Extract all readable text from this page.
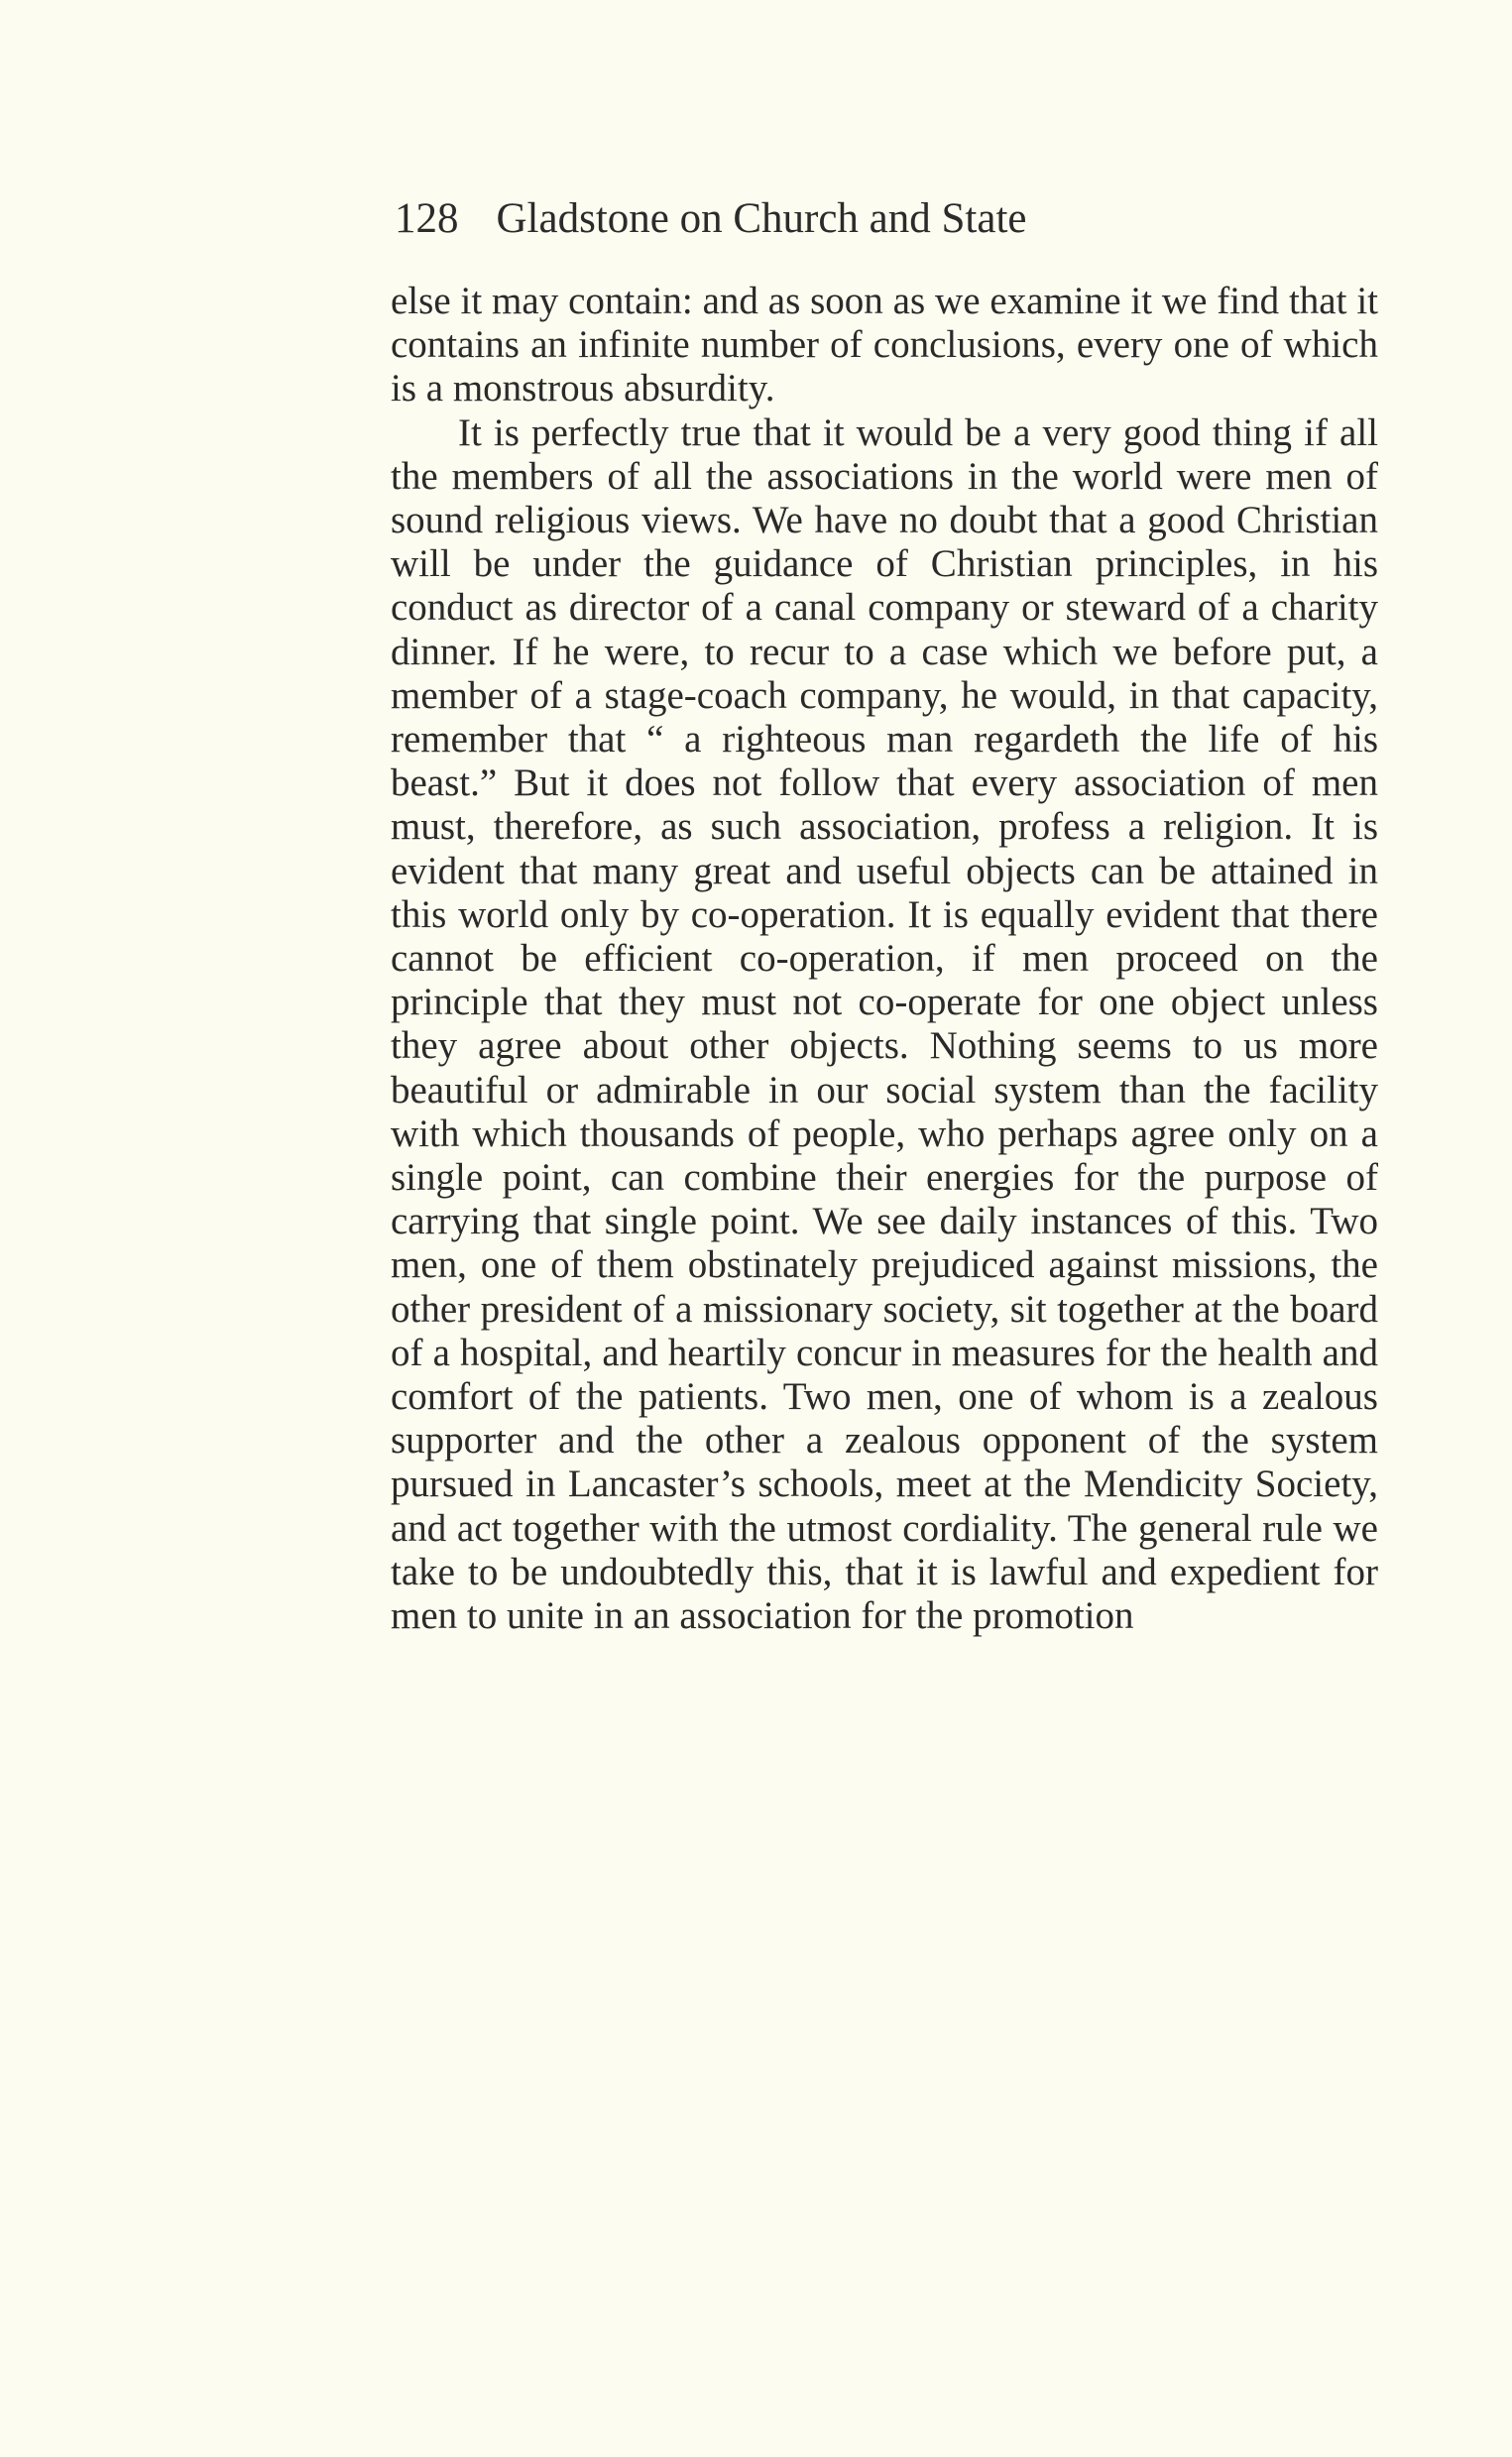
128 Gladstone on Church and State

else it may contain: and as soon as we examine it we find that it contains an infinite number of conclusions, every one of which is a monstrous absurdity.

It is perfectly true that it would be a very good thing if all the members of all the associations in the world were men of sound religious views. We have no doubt that a good Christian will be under the guidance of Christian principles, in his conduct as director of a canal company or steward of a charity dinner. If he were, to recur to a case which we before put, a member of a stage-coach company, he would, in that capacity, remember that “ a righteous man regardeth the life of his beast.” But it does not follow that every association of men must, therefore, as such association, profess a religion. It is evident that many great and useful objects can be attained in this world only by co-operation. It is equally evident that there cannot be efficient co-operation, if men proceed on the principle that they must not co-operate for one object unless they agree about other objects. Nothing seems to us more beautiful or admirable in our social system than the facility with which thousands of people, who perhaps agree only on a single point, can combine their energies for the purpose of carrying that single point. We see daily instances of this. Two men, one of them obstinately prejudiced against missions, the other president of a missionary society, sit together at the board of a hospital, and heartily concur in measures for the health and comfort of the patients. Two men, one of whom is a zealous supporter and the other a zealous opponent of the system pursued in Lancaster’s schools, meet at the Mendicity Society, and act together with the utmost cordiality. The general rule we take to be undoubtedly this, that it is lawful and expedient for men to unite in an association for the promotion
